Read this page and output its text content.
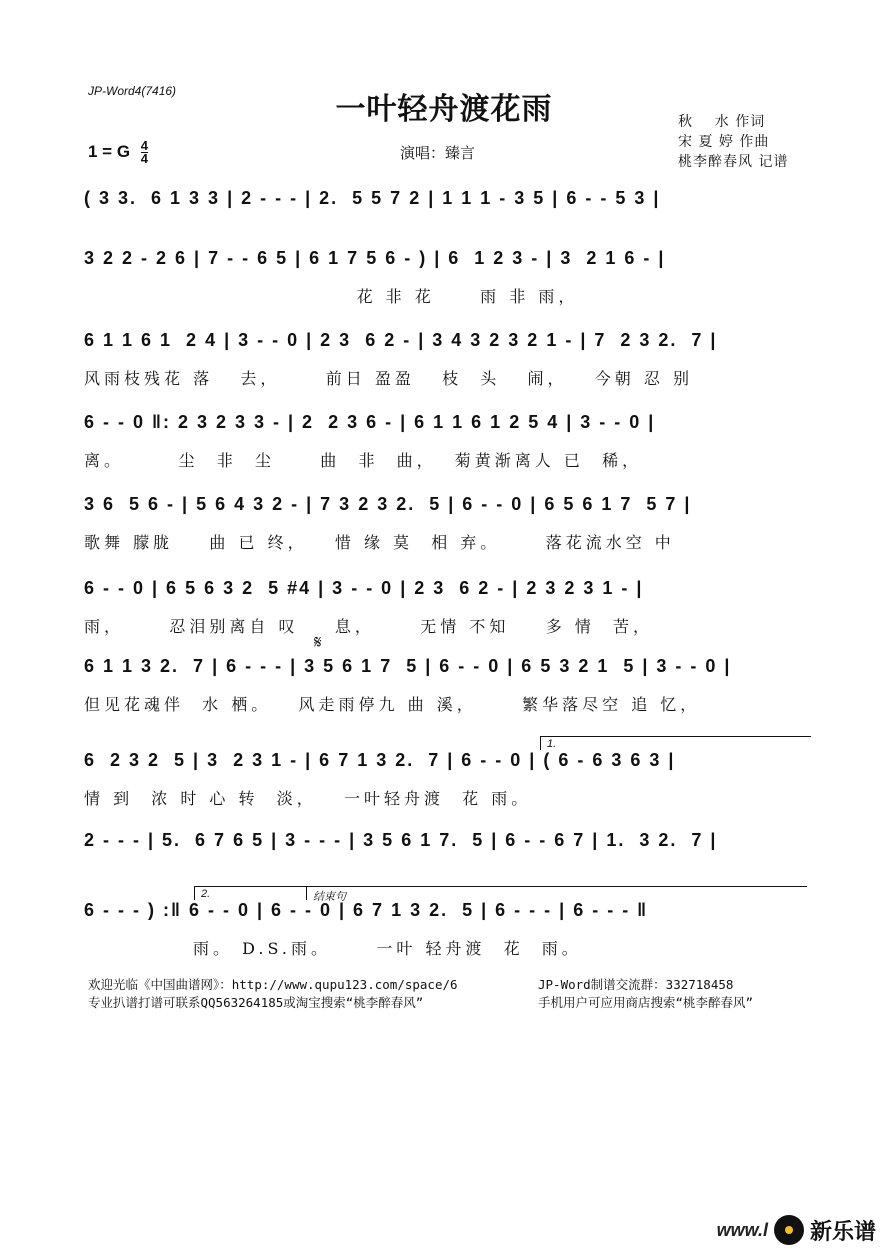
JP-Word4(7416)
一叶轻舟渡花雨
1 = G $\frac{4}{4}$	演唱：臻言
秋    水 作词
宋 夏 婷 作曲
桃李醉春风 记谱
( 3 3.  6 1 3 3 | 2 - - - | 2.  5 5 7 2 | 1 1 1 - 3 5 | 6 - - 5 3 |
3 2 2 - 2 6 | 7 - - 6 5 | 6 1 7 5 6 - ) | 6  1 2 3 - | 3  2 1 6 - |
花 非 花     雨 非 雨，
6 1 1 6 1  2 4 | 3 - - 0 | 2 3  6 2 - | 3 4 3 2 3 2 1 - | 7  2 3 2.  7 |
风雨枝残花 落   去，     前日 盈盈   枝  头   闹，   今朝 忍 别
6 - - 0 ‖: 2 3 2 3 3 - | 2  2 3 6 - | 6 1 1 6 1 2 5 4 | 3 - - 0 |
离。      尘  非  尘     曲  非  曲，  菊黄渐离人 已  稀，
3 6  5 6 - | 5 6 4 3 2 - | 7 3 2 3 2.  5 | 6 - - 0 | 6 5 6 1 7  5 7 |
歌舞 朦胧    曲 已 终，   惜 缘 莫  相 弃。     落花流水空 中
6 - - 0 | 6 5 6 3 2  5 #4 | 3 - - 0 | 2 3  6 2 - | 2 3 2 3 1 - |
雨，     忍泪别离自 叹    息，     无情 不知    多 情  苦，
𝄋
6 1 1 3 2.  7 | 6 - - - | 3 5 6 1 7  5 | 6 - - 0 | 6 5 3 2 1  5 | 3 - - 0 |
但见花魂伴  水 栖。   风走雨停九 曲 溪，     繁华落尽空 追 忆，
1.
6  2 3 2  5 | 3  2 3 1 - | 6 7 1 3 2.  7 | 6 - - 0 | ( 6 - 6 3 6 3 |
情 到  浓 时 心 转  淡，   一叶轻舟渡  花 雨。
2 - - - | 5.  6 7 6 5 | 3 - - - | 3 5 6 1 7.  5 | 6 - - 6 7 | 1.  3 2.  7 |
2.	结束句
6 - - - ) :‖ 6 - - 0 | 6 - - 0 | 6 7 1 3 2.  5 | 6 - - - | 6 - - - ‖
雨。 D.S.雨。     一叶 轻舟渡  花  雨。
欢迎光临《中国曲谱网》：http://www.qupu123.com/space/6
专业扒谱打谱可联系QQ563264185或淘宝搜索“桃李醉春风”
JP-Word制谱交流群：332718458
手机用户可应用商店搜索“桃李醉春风”
www.l 新乐谱
